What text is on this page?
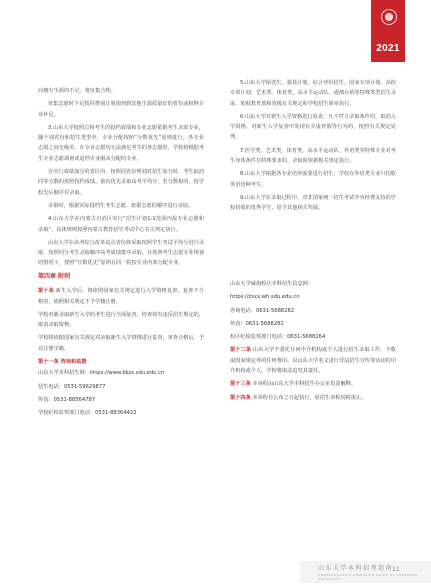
2021

向拥有生源的不足、将征集合理。

征集志愿时不足按同类别计划调剂到其他生源质量好的省份或相继专业补足。

3.山东大学按照总将考生的投档成绩和专业志愿依据考生录取专业，随个别省份和招生类型外，专业分配按照“分数优先”原则进行，各专业志愿之间无级差。在专业志愿均无法满足考生的各志愿时，学校将根据考生专业志愿调剂或退档专业服从分配的专业。

在实行成绩加分的省区内，按照同省份规划对招生加分时，考生取消同等分数的按照投档成绩，依次优先录取高考平均分，若分数相同，按学校先后顺序对录取。

录取时，根据实际投档生考生志愿，依据志愿的顺序进行录取。

4.山东大学在内蒙古自治区实行“招生计划1:1范围内报专业志愿和录取”，具体规则按照内蒙古教育招生考试中心有关规定执行。

山东大学在高考综合改革试点省份将采取按照学生考试平均分进行录取，按照同分考生录取顺序高考成绩排序录取。在按照考生志愿专业规划的情况下，按照“分数优先”原则在同一院校专业内部分配专业。

5.山东大学保送生、强基计划、综合评价招生、国家专项计划、高校专项计划、艺术类、体育类、高水平运动队、港澳台侨等特殊类型招生录取，依据教育部和省级有关规定和学校招生简章执行。

6.山东大学对新生入学资格进行复查，凡不符合录取条件的，取消入学资格。对新生入学复查中发现有弄虚作假等行为的，按照有关规定处理。

7.医学类、艺术类、体育类、高水平运动队、外语类等特殊专业对考生身体条件有特殊要求的，录取时依据相关规定执行。

8.山东大学根据各专业培养需要进行招生，学校在外语类专业只招收英语语种考生。

9.山东大学在录取过程中，对非国家统一招生考试中央经费支持的学校招收的优秀学生，给予其他相关奖励。

第四章 附则

第十条 新生入学后，将依照国家有关规定进行入学资格复查，复查不合格者，依照相关规定不予学籍注册。

学校对新录取新生入学的考生进行全面复查，经查如有违反招生规定的，取消录取资格。

学校将依据国家有关规定对录取新生入学资格进行复查，审查合格后，予以注册学籍。

第十一条 咨询和监督

山东大学本科招生网：https://www.bkzs.sdu.edu.cn

招生电话：0531-59629877

传真：0531-88564787

学校纪检监察部门电话：0531-88364422

山东大学威海校区本科招生信息网：

https://zsxx.wh.sdu.edu.cn

咨询电话：0631-5688282

传真：0631-5688282

校区纪检监察部门电话：0631-5688264

第十二条 山东大学不委托任何中介机构或个人进行招生录取工作，不收取国家规定外的任何费用。以山东大学名义进行非法招生宣传等活动的中介机构或个人，学校将依法追究其责任。

第十三条 本章程由山东大学本科招生办公室负责解释。

第十四条 本章程自公布之日起执行，原招生章程同时废止。

山东大学本科招考指南
UNDERGRADUATE ADMISSION GUIDE OF SHANDONG UNIVERSITY
11
